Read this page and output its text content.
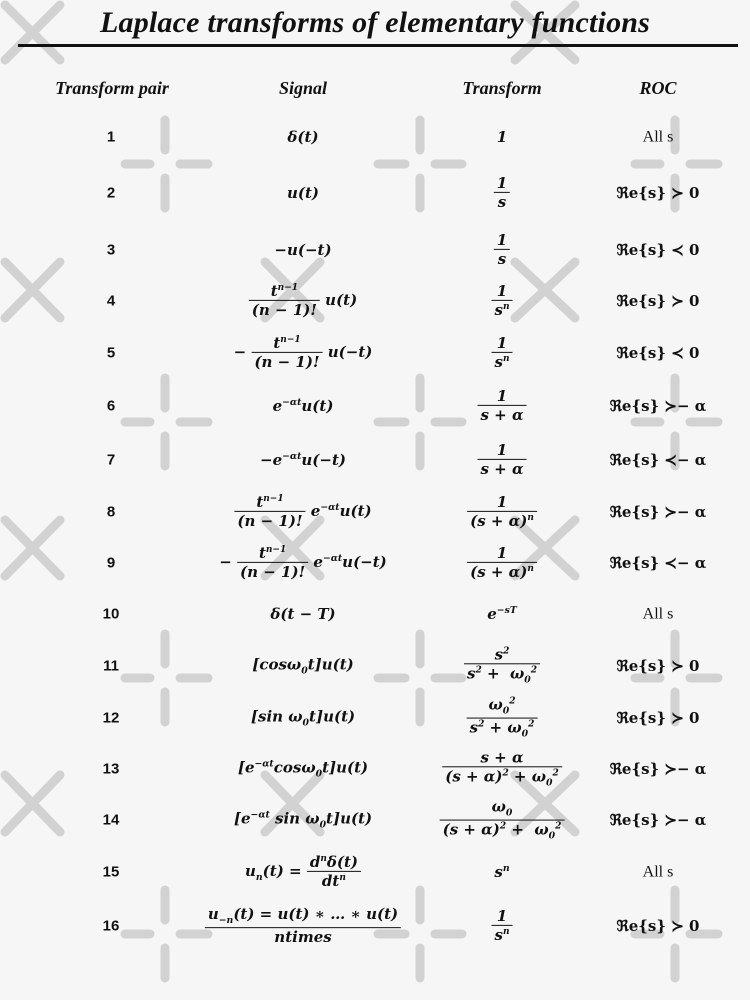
Laplace transforms of elementary functions
Transform pair	Signal	Transform	ROC
1	δ(t)	1	All s
2	u(t)	$\frac{1}{s}$	ℜe{s} ≻ 0
3	−u(−t)	$\frac{1}{s}$	ℜe{s} ≺ 0
4	$\frac{t^{n-1}}{(n - 1)!} u(t)$	$\frac{1}{s^n}$	ℜe{s} ≻ 0
5	− $\frac{t^{n-1}}{(n - 1)!} u(-t)$	$\frac{1}{s^n}$	ℜe{s} ≺ 0
6	$e^{-\alpha t}u(t)$	$\frac{1}{s + \alpha}$	ℜe{s} ≻− α
7	$-e^{-\alpha t}u(-t)$	$\frac{1}{s + \alpha}$	ℜe{s} ≺− α
8	$\frac{t^{n-1}}{(n - 1)!} e^{-\alpha t}u(t)$	$\frac{1}{(s + \alpha)^n}$	ℜe{s} ≻− α
9	− $\frac{t^{n-1}}{(n - 1)!} e^{-\alpha t}u(-t)$	$\frac{1}{(s + \alpha)^n}$	ℜe{s} ≺− α
10	δ(t − T)	$e^{-sT}$	All s
11	[cosω$_0$t]u(t)	$\frac{s^2}{s^2 + \omega_0^2}$	ℜe{s} ≻ 0
12	[sin $\omega_0t]u(t)$	$\frac{\omega_0^2}{s^2 + \omega_0^2}$	ℜe{s} ≻ 0
13	$[e^{-\alpha t}\cos\omega_0t]u(t)$	$\frac{s + \alpha}{(s + \alpha)^2 + \omega_0^2}$	ℜe{s} ≻− α
14	[$e^{-\alpha t}$ $\sin \omega_0t]u(t)$	$\frac{\omega_0}{(s + \alpha)^2 + \omega_0^2}$	ℜe{s} ≻− α
15	$u_n(t) = \frac{d^n\delta(t)}{dt^n}$	$s^n$	All s
16	$\frac{u_{-n}(t) = u(t) ∗ \dots ∗ u(t)}{\text{ntimes}}$	$\frac{1}{s^n}$	ℜe{s} ≻ 0
